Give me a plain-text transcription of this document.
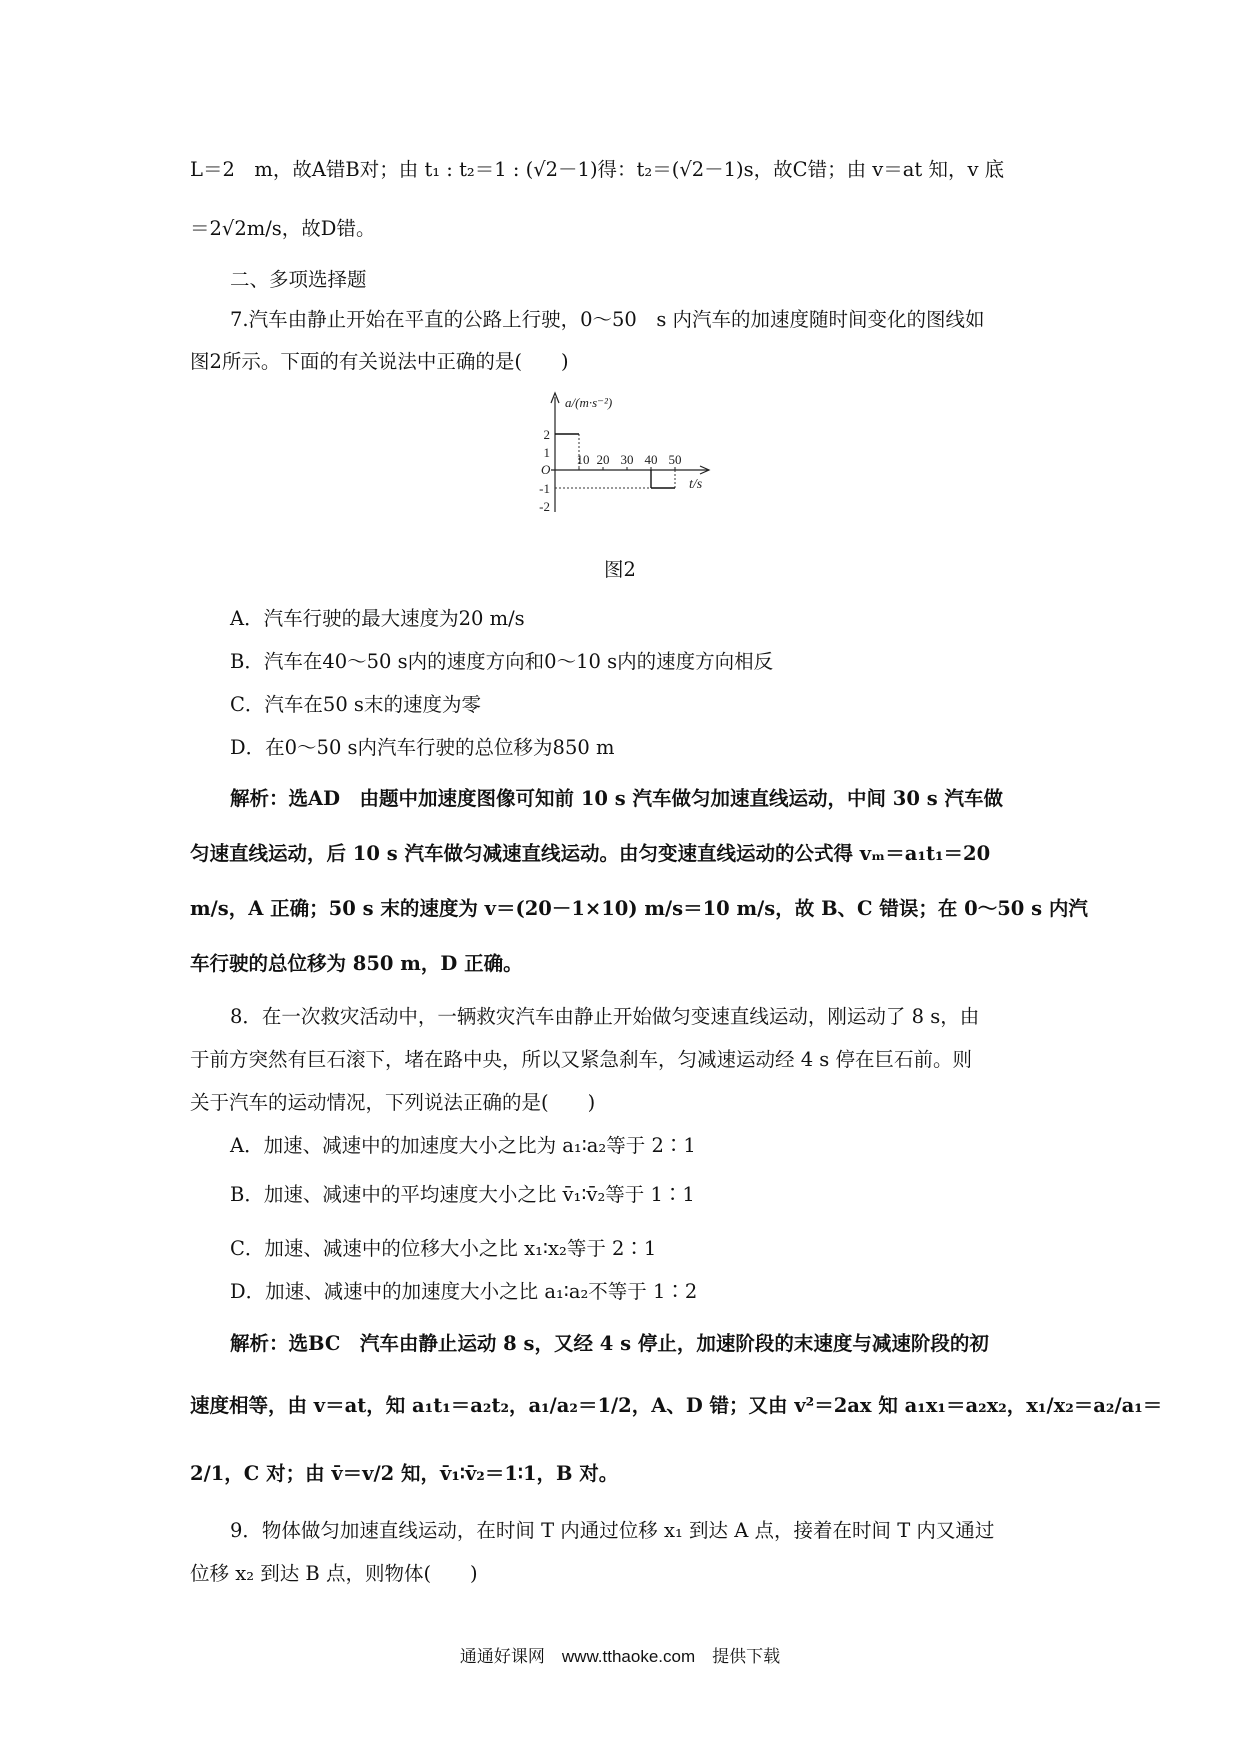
L＝2　m，故A错B对；由 t₁ : t₂＝1 : (√2－1)得：t₂＝(√2－1)s，故C错；由 v＝at 知，v 底
＝2√2m/s，故D错。
二、多项选择题
7.汽车由静止开始在平直的公路上行驶，0～50　s 内汽车的加速度随时间变化的图线如
图2所示。下面的有关说法中正确的是(　　)
a/(m·s⁻²)
t/s
O
2
1
-1
-2
10 20 30 40 50
图2
A．汽车行驶的最大速度为20 m/s
B．汽车在40～50 s内的速度方向和0～10 s内的速度方向相反
C．汽车在50 s末的速度为零
D．在0～50 s内汽车行驶的总位移为850 m
解析：选AD　由题中加速度图像可知前 10 s 汽车做匀加速直线运动，中间 30 s 汽车做
匀速直线运动，后 10 s 汽车做匀减速直线运动。由匀变速直线运动的公式得 vₘ＝a₁t₁＝20
m/s，A 正确；50 s 末的速度为 v＝(20－1×10) m/s＝10 m/s，故 B、C 错误；在 0～50 s 内汽
车行驶的总位移为 850 m，D 正确。
8．在一次救灾活动中，一辆救灾汽车由静止开始做匀变速直线运动，刚运动了 8 s，由
于前方突然有巨石滚下，堵在路中央，所以又紧急刹车，匀减速运动经 4 s 停在巨石前。则
关于汽车的运动情况，下列说法正确的是(　　)
A．加速、减速中的加速度大小之比为 a₁∶a₂等于 2∶1
B．加速、减速中的平均速度大小之比 v̄₁∶v̄₂等于 1∶1
C．加速、减速中的位移大小之比 x₁∶x₂等于 2∶1
D．加速、减速中的加速度大小之比 a₁∶a₂不等于 1∶2
解析：选BC　汽车由静止运动 8 s，又经 4 s 停止，加速阶段的末速度与减速阶段的初
速度相等，由 v＝at，知 a₁t₁＝a₂t₂，a₁/a₂＝1/2，A、D 错；又由 v²＝2ax 知 a₁x₁＝a₂x₂，x₁/x₂＝a₂/a₁＝
2/1，C 对；由 v̄＝v/2 知，v̄₁∶v̄₂＝1∶1，B 对。
9．物体做匀加速直线运动，在时间 T 内通过位移 x₁ 到达 A 点，接着在时间 T 内又通过
位移 x₂ 到达 B 点，则物体(　　)
通通好课网　www.tthaoke.com　提供下载
